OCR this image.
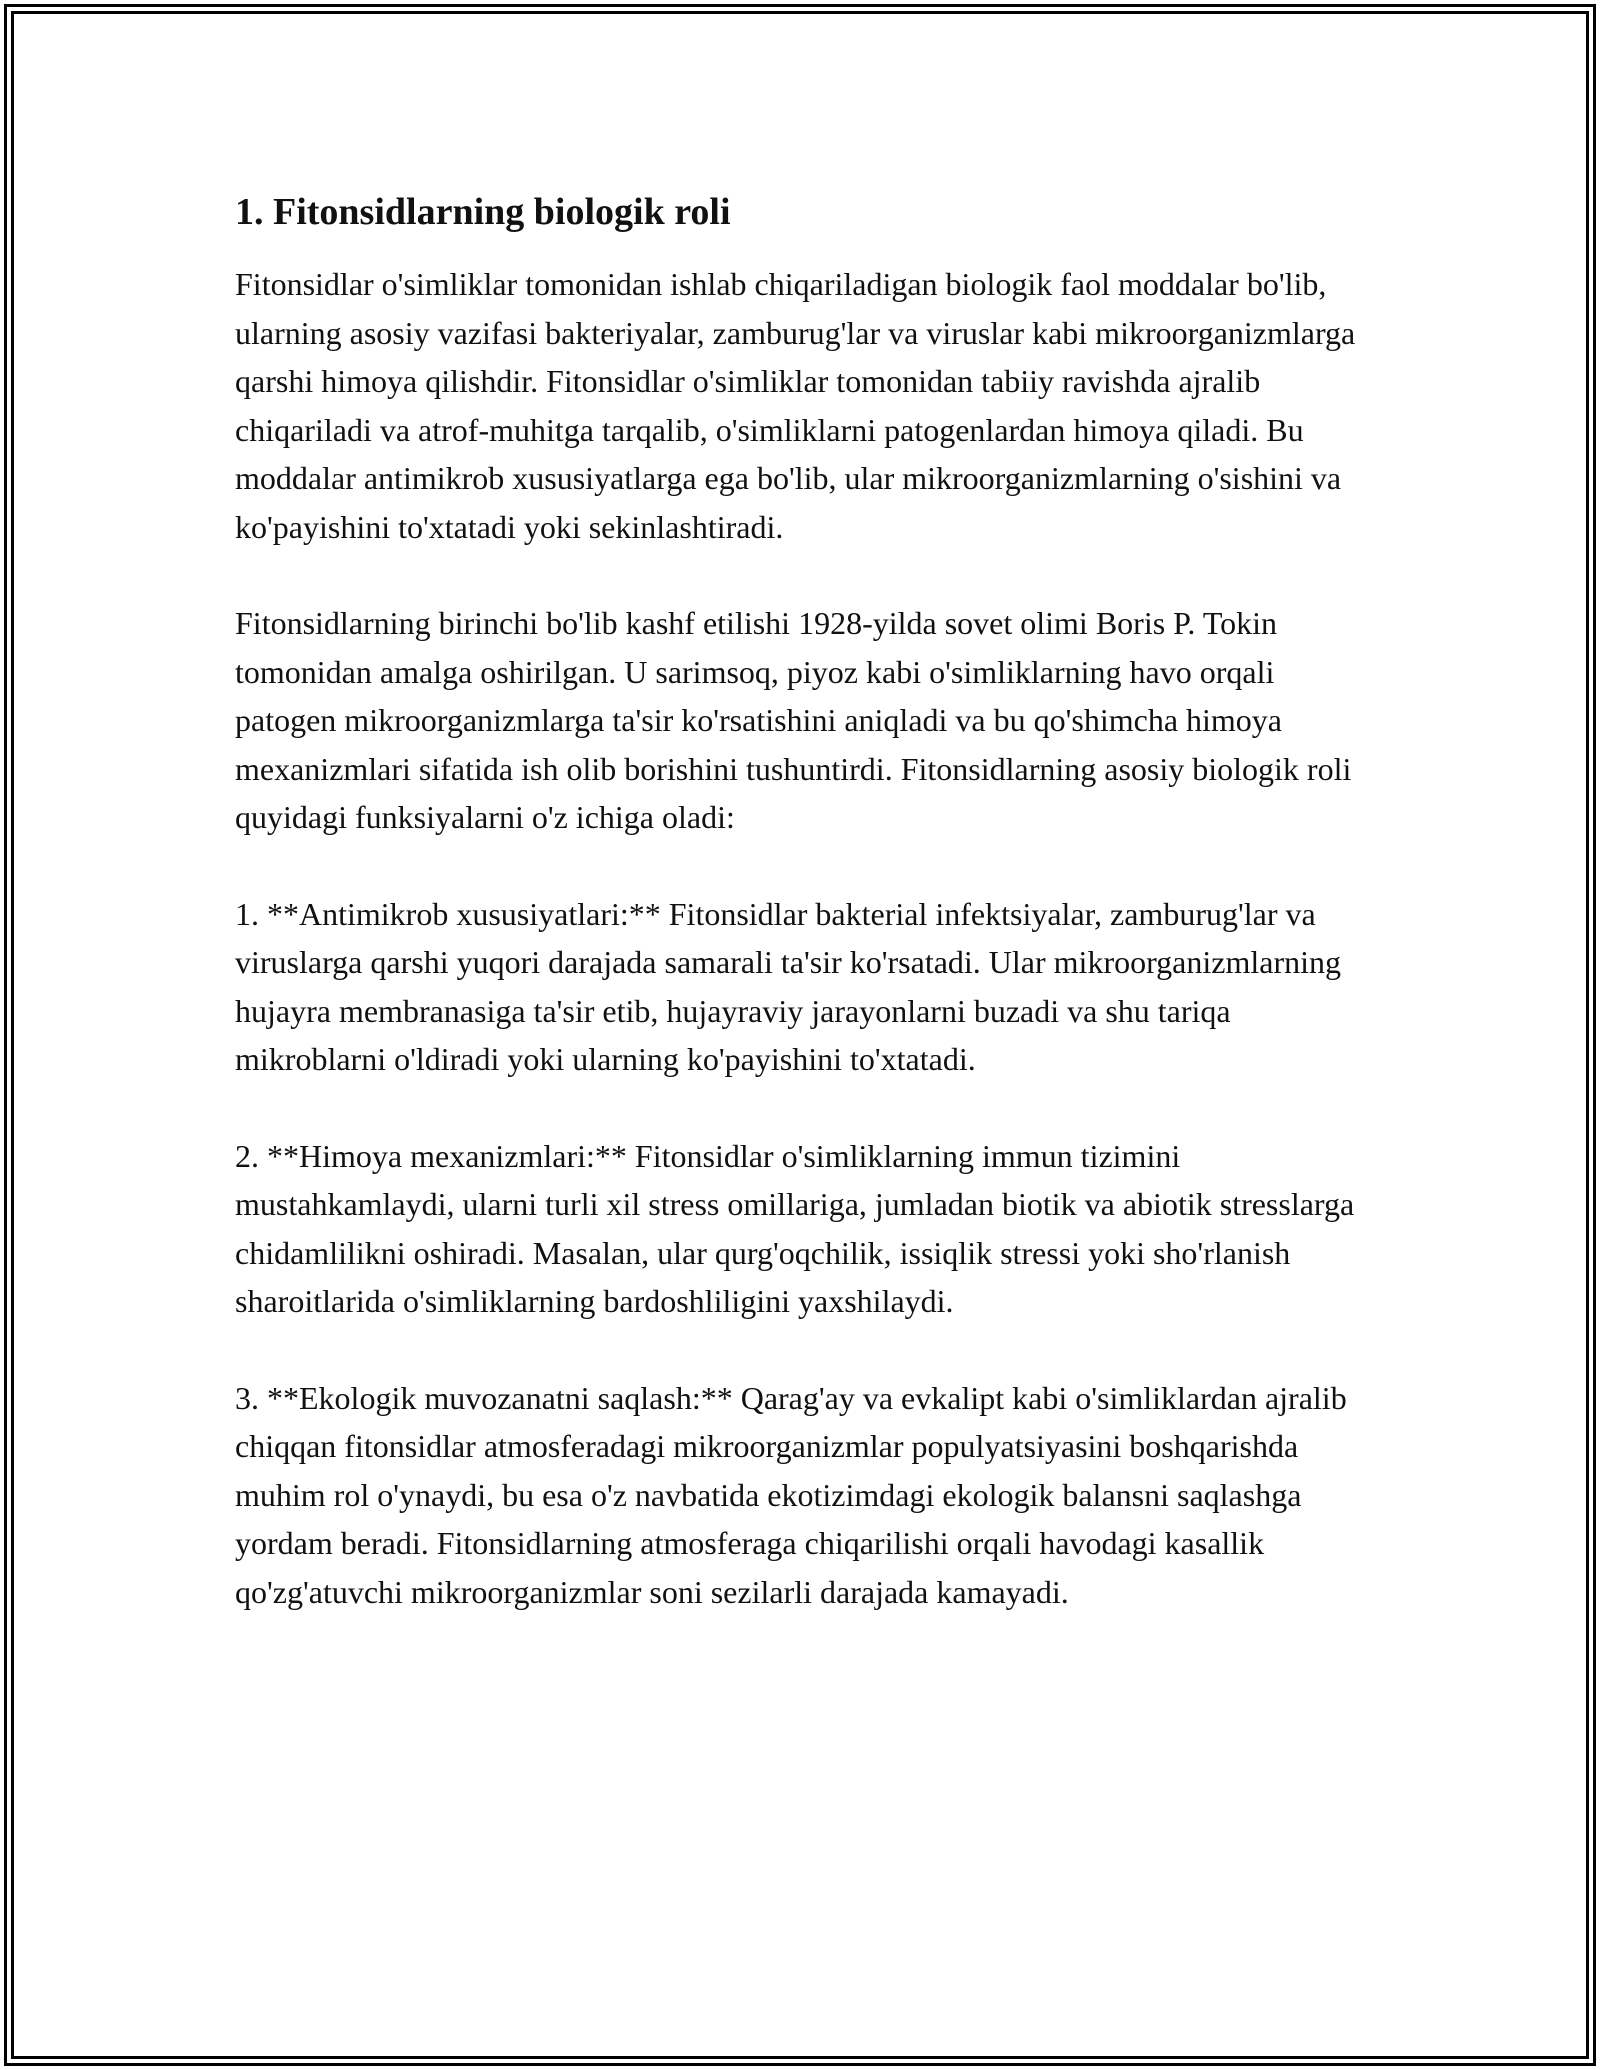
1. Fitonsidlarning biologik roli

Fitonsidlar o'simliklar tomonidan ishlab chiqariladigan biologik faol moddalar bo'lib, ularning asosiy vazifasi bakteriyalar, zamburug'lar va viruslar kabi mikroorganizmlarga qarshi himoya qilishdir. Fitonsidlar o'simliklar tomonidan tabiiy ravishda ajralib chiqariladi va atrof-muhitga tarqalib, o'simliklarni patogenlardan himoya qiladi. Bu moddalar antimikrob xususiyatlarga ega bo'lib, ular mikroorganizmlarning o'sishini va ko'payishini to'xtatadi yoki sekinlashtiradi.

Fitonsidlarning birinchi bo'lib kashf etilishi 1928-yilda sovet olimi Boris P. Tokin tomonidan amalga oshirilgan. U sarimsoq, piyoz kabi o'simliklarning havo orqali patogen mikroorganizmlarga ta'sir ko'rsatishini aniqladi va bu qo'shimcha himoya mexanizmlari sifatida ish olib borishini tushuntirdi. Fitonsidlarning asosiy biologik roli quyidagi funksiyalarni o'z ichiga oladi:

1. **Antimikrob xususiyatlari:** Fitonsidlar bakterial infektsiyalar, zamburug'lar va viruslarga qarshi yuqori darajada samarali ta'sir ko'rsatadi. Ular mikroorganizmlarning hujayra membranasiga ta'sir etib, hujayraviy jarayonlarni buzadi va shu tariqa mikroblarni o'ldiradi yoki ularning ko'payishini to'xtatadi.

2. **Himoya mexanizmlari:** Fitonsidlar o'simliklarning immun tizimini mustahkamlaydi, ularni turli xil stress omillariga, jumladan biotik va abiotik stresslarga chidamlilikni oshiradi. Masalan, ular qurg'oqchilik, issiqlik stressi yoki sho'rlanish sharoitlarida o'simliklarning bardoshliligini yaxshilaydi.

3. **Ekologik muvozanatni saqlash:** Qarag'ay va evkalipt kabi o'simliklardan ajralib chiqqan fitonsidlar atmosferadagi mikroorganizmlar populyatsiyasini boshqarishda muhim rol o'ynaydi, bu esa o'z navbatida ekotizimdagi ekologik balansni saqlashga yordam beradi. Fitonsidlarning atmosferaga chiqarilishi orqali havodagi kasallik qo'zg'atuvchi mikroorganizmlar soni sezilarli darajada kamayadi.
